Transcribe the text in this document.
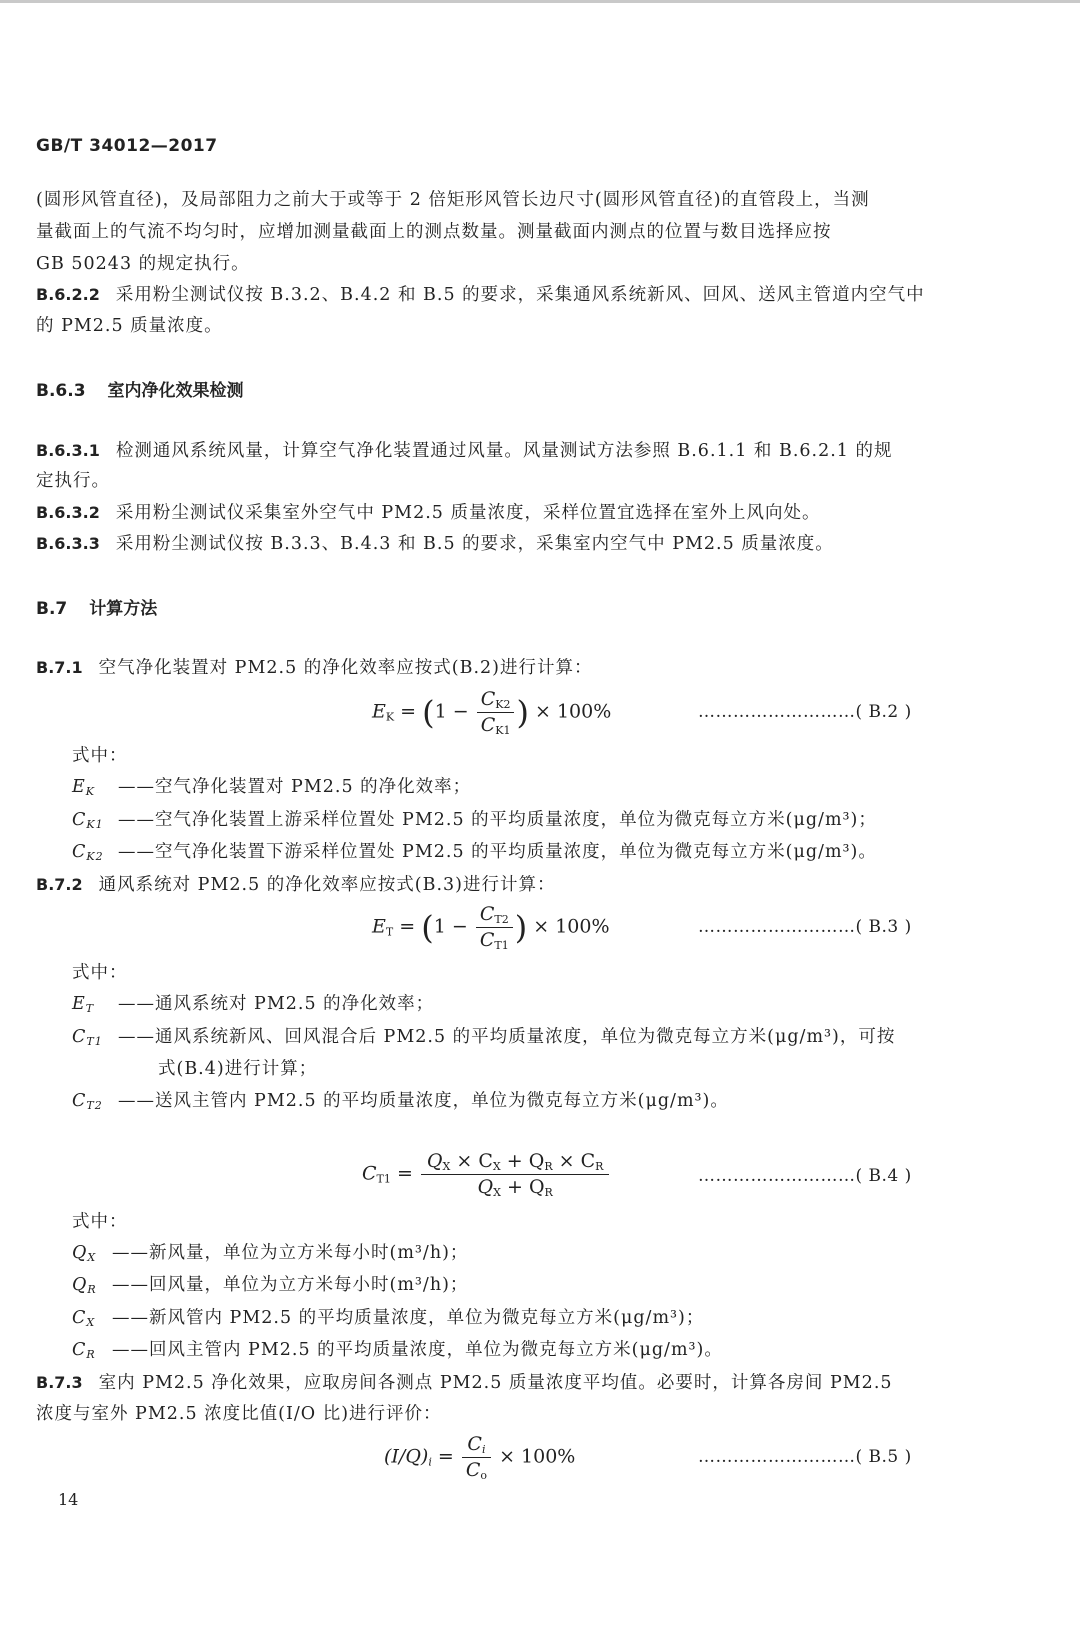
GB/T 34012—2017
(圆形风管直径)，及局部阻力之前大于或等于 2 倍矩形风管长边尺寸(圆形风管直径)的直管段上，当测
量截面上的气流不均匀时，应增加测量截面上的测点数量。测量截面内测点的位置与数目选择应按
GB 50243 的规定执行。
B.6.2.2 采用粉尘测试仪按 B.3.2、B.4.2 和 B.5 的要求，采集通风系统新风、回风、送风主管道内空气中
的 PM2.5 质量浓度。
B.6.3 室内净化效果检测
B.6.3.1 检测通风系统风量，计算空气净化装置通过风量。风量测试方法参照 B.6.1.1 和 B.6.2.1 的规
定执行。
B.6.3.2 采用粉尘测试仪采集室外空气中 PM2.5 质量浓度，采样位置宜选择在室外上风向处。
B.6.3.3 采用粉尘测试仪按 B.3.3、B.4.3 和 B.5 的要求，采集室内空气中 PM2.5 质量浓度。
B.7 计算方法
B.7.1 空气净化装置对 PM2.5 的净化效率应按式(B.2)进行计算：
$E_K = (1 - \frac{C_{K2}}{C_{K1}}$ ) × 100%	………………………( B.2 )
式中：
$E_K$ ——空气净化装置对 PM2.5 的净化效率；
$C_{K1}$ ——空气净化装置上游采样位置处 PM2.5 的平均质量浓度，单位为微克每立方米(μg/m³)；
$C_{K2}$ ——空气净化装置下游采样位置处 PM2.5 的平均质量浓度，单位为微克每立方米(μg/m³)。
B.7.2 通风系统对 PM2.5 的净化效率应按式(B.3)进行计算：
$E_T = (1 - \frac{C_{T2}}{C_{T1}}$ ) × 100%	………………………( B.3 )
式中：
$E_T$ ——通风系统对 PM2.5 的净化效率；
$C_{T1}$ ——通风系统新风、回风混合后 PM2.5 的平均质量浓度，单位为微克每立方米(μg/m³)，可按
式(B.4)进行计算；
$C_{T2}$ ——送风主管内 PM2.5 的平均质量浓度，单位为微克每立方米(μg/m³)。
$C_{T1} = \frac{Q_X \times C_X + Q_R \times C_R}{Q_X + Q_R}$	………………………( B.4 )
式中：
$Q_X$ ——新风量，单位为立方米每小时(m³/h)；
$Q_R$ ——回风量，单位为立方米每小时(m³/h)；
$C_X$ ——新风管内 PM2.5 的平均质量浓度，单位为微克每立方米(μg/m³)；
$C_R$ ——回风主管内 PM2.5 的平均质量浓度，单位为微克每立方米(μg/m³)。
B.7.3 室内 PM2.5 净化效果，应取房间各测点 PM2.5 质量浓度平均值。必要时，计算各房间 PM2.5
浓度与室外 PM2.5 浓度比值(I/O 比)进行评价：
$(I/Q)_i = \frac{C_i}{C_o} \times 100\%$	………………………( B.5 )
14
